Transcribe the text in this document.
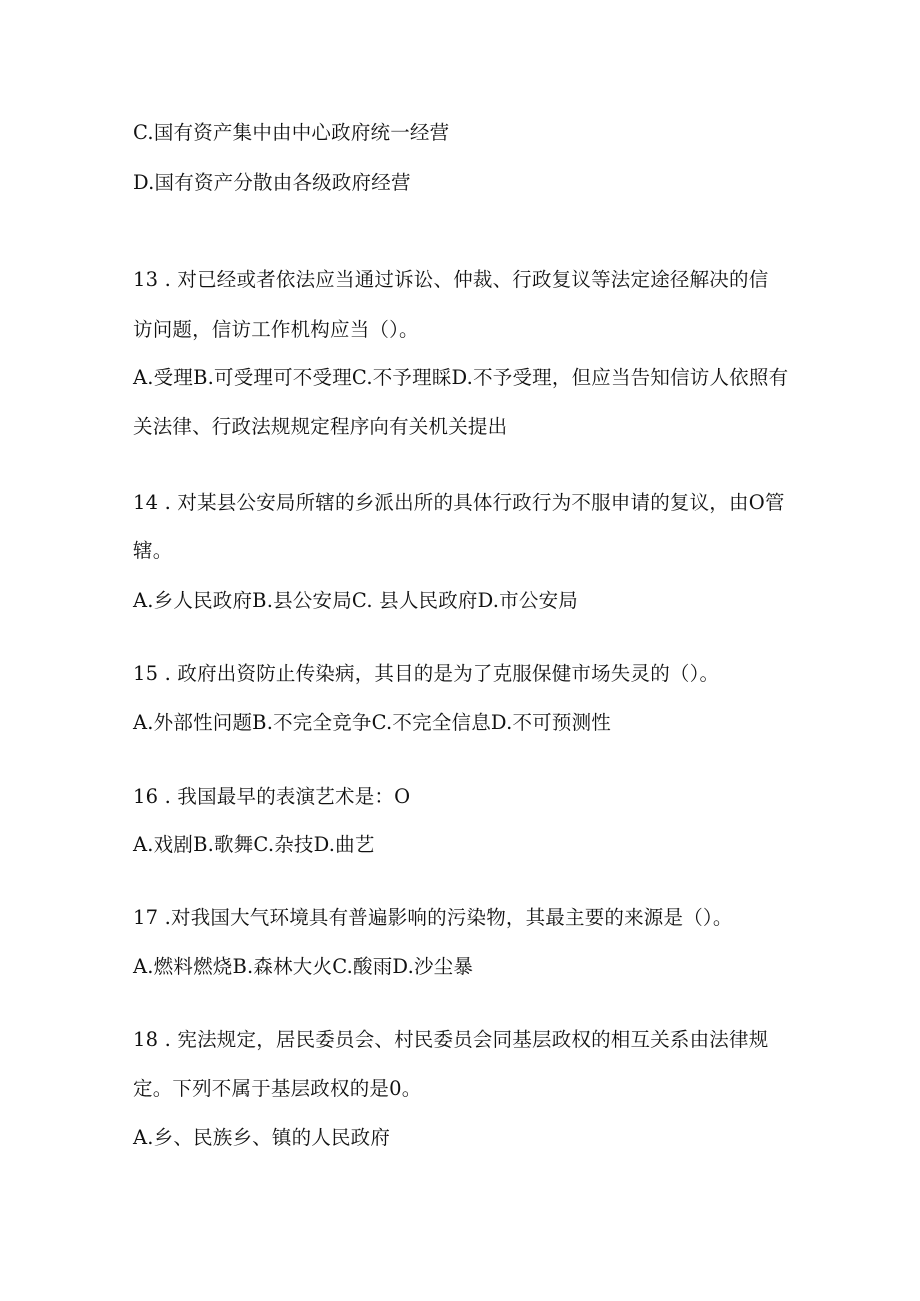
C.国有资产集中由中心政府统一经营
D.国有资产分散由各级政府经营
13 . 对已经或者依法应当通过诉讼、仲裁、行政复议等法定途径解决的信
访问题，信访工作机构应当（）。
A.受理B.可受理可不受理C.不予理睬D.不予受理，但应当告知信访人依照有
关法律、行政法规规定程序向有关机关提出
14 . 对某县公安局所辖的乡派出所的具体行政行为不服申请的复议，由O管
辖。
A.乡人民政府B.县公安局C. 县人民政府D.市公安局
15 . 政府出资防止传染病，其目的是为了克服保健市场失灵的（）。
A.外部性问题B.不完全竞争C.不完全信息D.不可预测性
16 . 我国最早的表演艺术是：O
A.戏剧B.歌舞C.杂技D.曲艺
17 .对我国大气环境具有普遍影响的污染物，其最主要的来源是（）。
A.燃料燃烧B.森林大火C.酸雨D.沙尘暴
18 . 宪法规定，居民委员会、村民委员会同基层政权的相互关系由法律规
定。下列不属于基层政权的是0。
A.乡、民族乡、镇的人民政府
